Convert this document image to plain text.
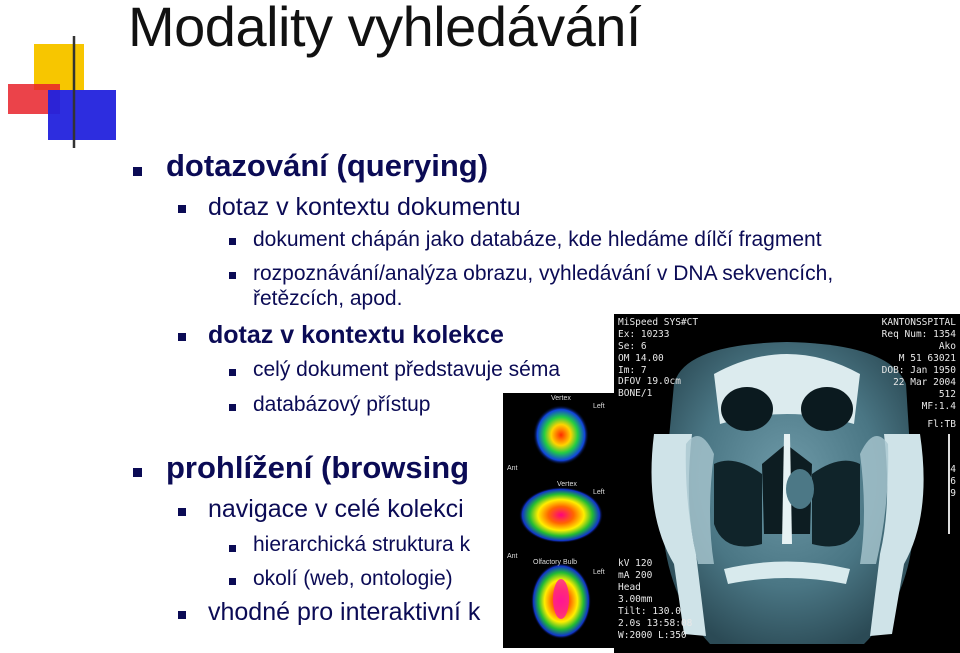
Modality vyhledávání
dotazování (querying)
dotaz v kontextu dokumentu
dokument chápán jako databáze, kde hledáme dílčí fragment
rozpoznávání/analýza obrazu, vyhledávání v DNA sekvencích,
řetězcích, apod.
dotaz v kontextu kolekce
celý dokument představuje séma
databázový přístup
prohlížení (browsing
navigace v celé kolekci
hierarchická struktura k
okolí (web, ontologie)
vhodné pro interaktivní k
Vertex
Left
Ant
Vertex
Left
Ant
Olfactory Bulb
Left
MiSpeed SYS#CT
Ex: 10233
Se: 6
OM 14.00
Im: 7
DFOV 19.0cm
BONE/1
KANTONSSPITAL
Req Num: 1354
Ako
M 51 63021
DOB: Jan 1950
22 Mar 2004
512
MF:1.4
Fl:TB
kV 120
mA 200
Head
3.00mm
Tilt: 130.0
2.0s 13:58:08
W:2000 L:350
4
6
9
